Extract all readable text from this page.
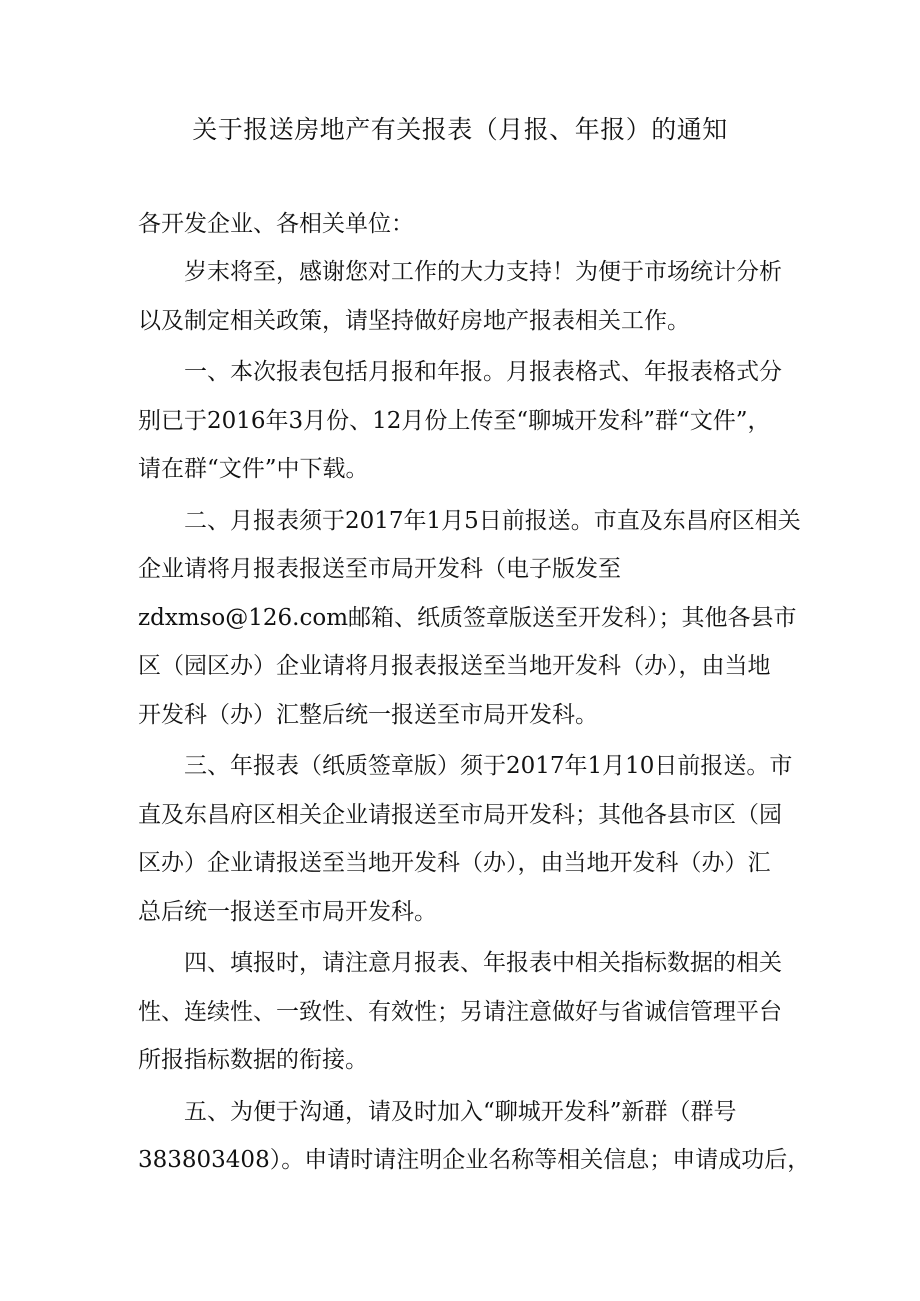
关于报送房地产有关报表（月报、年报）的通知

各开发企业、各相关单位：

岁末将至，感谢您对工作的大力支持！为便于市场统计分析
以及制定相关政策，请坚持做好房地产报表相关工作。

一、本次报表包括月报和年报。月报表格式、年报表格式分
别已于2016年3月份、12月份上传至“聊城开发科”群“文件”，
请在群“文件”中下载。

二、月报表须于2017年1月5日前报送。市直及东昌府区相关
企业请将月报表报送至市局开发科（电子版发至
zdxmso@126.com邮箱、纸质签章版送至开发科）；其他各县市
区（园区办）企业请将月报表报送至当地开发科（办），由当地
开发科（办）汇整后统一报送至市局开发科。

三、年报表（纸质签章版）须于2017年1月10日前报送。市
直及东昌府区相关企业请报送至市局开发科；其他各县市区（园
区办）企业请报送至当地开发科（办），由当地开发科（办）汇
总后统一报送至市局开发科。

四、填报时，请注意月报表、年报表中相关指标数据的相关
性、连续性、一致性、有效性；另请注意做好与省诚信管理平台
所报指标数据的衔接。

五、为便于沟通，请及时加入“聊城开发科”新群（群号
383803408）。申请时请注明企业名称等相关信息；申请成功后，
